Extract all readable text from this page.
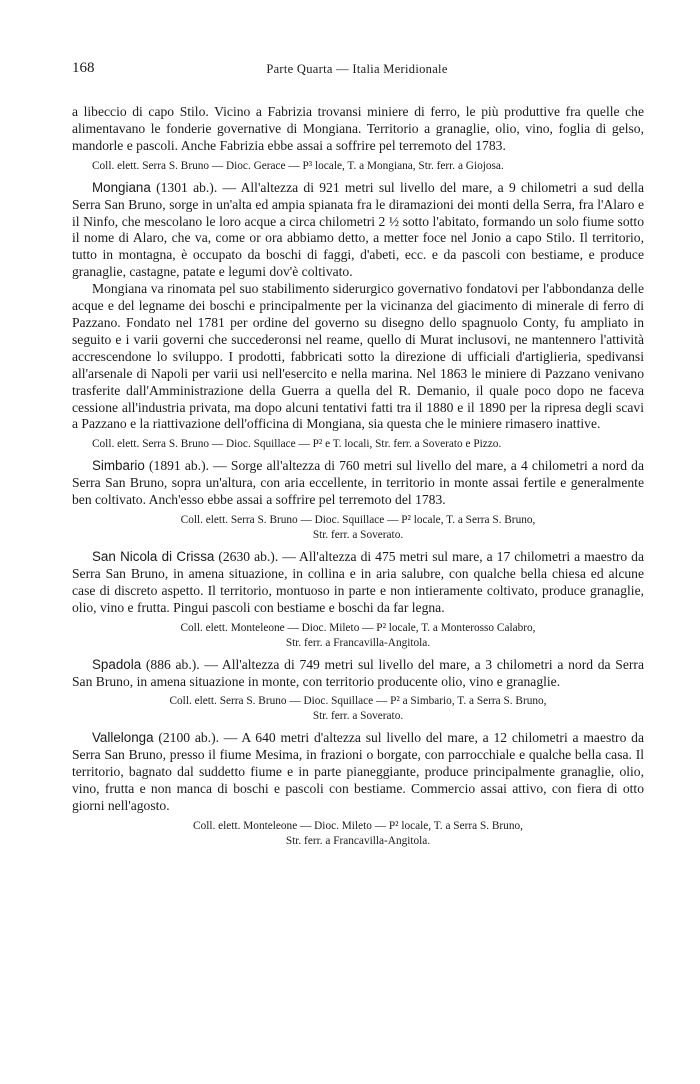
168	Parte Quarta — Italia Meridionale

a libeccio di capo Stilo. Vicino a Fabrizia trovansi miniere di ferro, le più produttive fra quelle che alimentavano le fonderie governative di Mongiana. Territorio a granaglie, olio, vino, foglia di gelso, mandorle e pascoli. Anche Fabrizia ebbe assai a soffrire pel terremoto del 1783.

Coll. elett. Serra S. Bruno — Dioc. Gerace — P³ locale, T. a Mongiana, Str. ferr. a Giojosa.

Mongiana (1301 ab.). — All'altezza di 921 metri sul livello del mare, a 9 chilometri a sud della Serra San Bruno, sorge in un'alta ed ampia spianata fra le diramazioni dei monti della Serra, fra l'Alaro e il Ninfo, che mescolano le loro acque a circa chilometri 2 ½ sotto l'abitato, formando un solo fiume sotto il nome di Alaro, che va, come or ora abbiamo detto, a metter foce nel Jonio a capo Stilo. Il territorio, tutto in montagna, è occupato da boschi di faggi, d'abeti, ecc. e da pascoli con bestiame, e produce granaglie, castagne, patate e legumi dov'è coltivato.

Mongiana va rinomata pel suo stabilimento siderurgico governativo fondatovi per l'abbondanza delle acque e del legname dei boschi e principalmente per la vicinanza del giacimento di minerale di ferro di Pazzano. Fondato nel 1781 per ordine del governo su disegno dello spagnuolo Conty, fu ampliato in seguito e i varii governi che succederonsi nel reame, quello di Murat inclusovi, ne mantennero l'attività accrescendone lo sviluppo. I prodotti, fabbricati sotto la direzione di ufficiali d'artiglieria, spedivansi all'arsenale di Napoli per varii usi nell'esercito e nella marina. Nel 1863 le miniere di Pazzano venivano trasferite dall'Amministrazione della Guerra a quella del R. Demanio, il quale poco dopo ne faceva cessione all'industria privata, ma dopo alcuni tentativi fatti tra il 1880 e il 1890 per la ripresa degli scavi a Pazzano e la riattivazione dell'officina di Mongiana, sia questa che le miniere rimasero inattive.

Coll. elett. Serra S. Bruno — Dioc. Squillace — P² e T. locali, Str. ferr. a Soverato e Pizzo.

Simbario (1891 ab.). — Sorge all'altezza di 760 metri sul livello del mare, a 4 chilometri a nord da Serra San Bruno, sopra un'altura, con aria eccellente, in territorio in monte assai fertile e generalmente ben coltivato. Anch'esso ebbe assai a soffrire pel terremoto del 1783.

Coll. elett. Serra S. Bruno — Dioc. Squillace — P² locale, T. a Serra S. Bruno,
Str. ferr. a Soverato.

San Nicola di Crissa (2630 ab.). — All'altezza di 475 metri sul mare, a 17 chilometri a maestro da Serra San Bruno, in amena situazione, in collina e in aria salubre, con qualche bella chiesa ed alcune case di discreto aspetto. Il territorio, montuoso in parte e non intieramente coltivato, produce granaglie, olio, vino e frutta. Pingui pascoli con bestiame e boschi da far legna.

Coll. elett. Monteleone — Dioc. Mileto — P² locale, T. a Monterosso Calabro,
Str. ferr. a Francavilla-Angitola.

Spadola (886 ab.). — All'altezza di 749 metri sul livello del mare, a 3 chilometri a nord da Serra San Bruno, in amena situazione in monte, con territorio producente olio, vino e granaglie.

Coll. elett. Serra S. Bruno — Dioc. Squillace — P² a Simbario, T. a Serra S. Bruno,
Str. ferr. a Soverato.

Vallelonga (2100 ab.). — A 640 metri d'altezza sul livello del mare, a 12 chilometri a maestro da Serra San Bruno, presso il fiume Mesima, in frazioni o borgate, con parrocchiale e qualche bella casa. Il territorio, bagnato dal suddetto fiume e in parte pianeggiante, produce principalmente granaglie, olio, vino, frutta e non manca di boschi e pascoli con bestiame. Commercio assai attivo, con fiera di otto giorni nell'agosto.

Coll. elett. Monteleone — Dioc. Mileto — P² locale, T. a Serra S. Bruno,
Str. ferr. a Francavilla-Angitola.
